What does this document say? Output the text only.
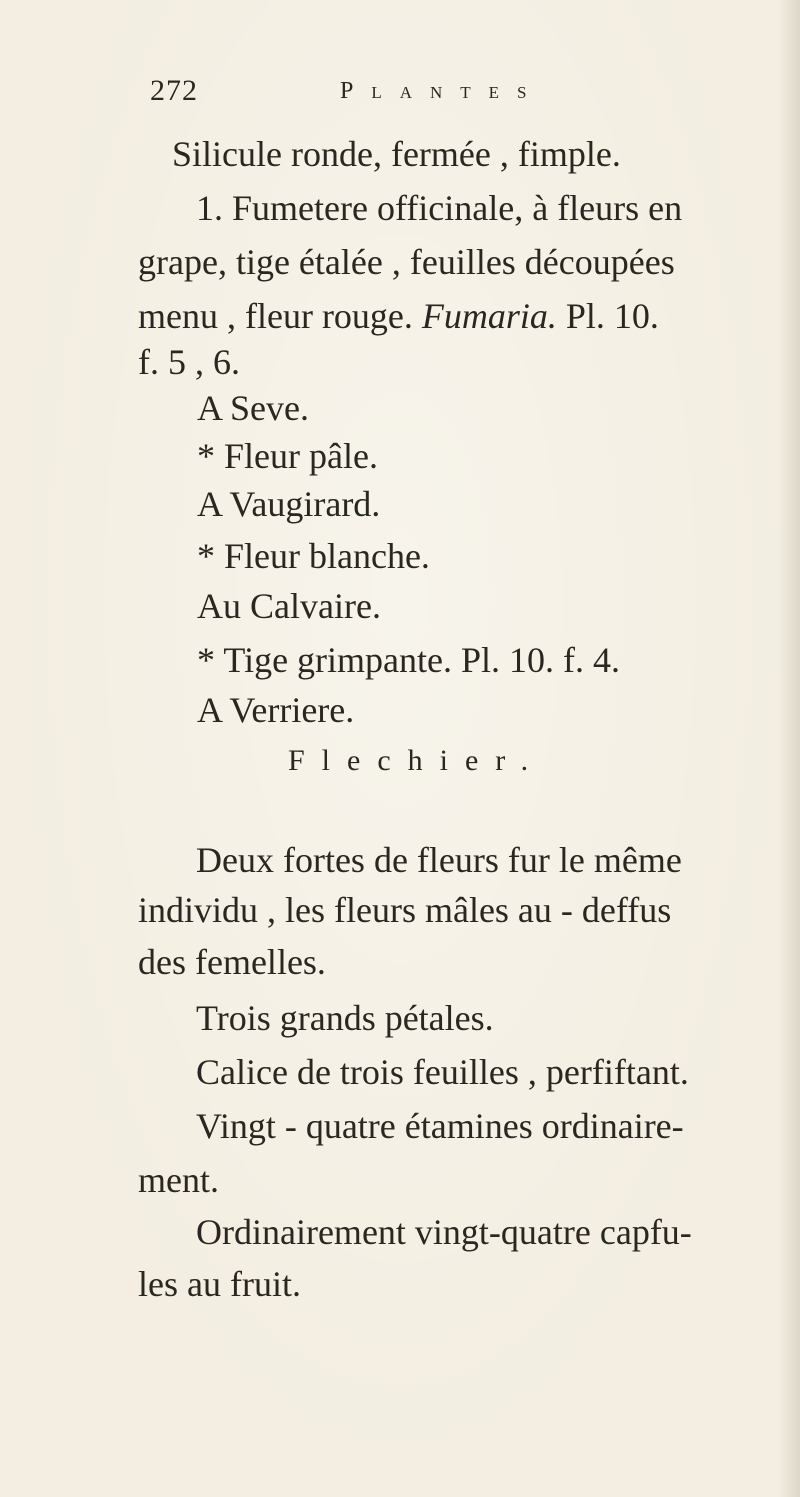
272	Plantes
Silicule ronde, fermée , fimple.
1. Fumetere officinale, à fleurs en
grape, tige étalée , feuilles découpées
menu , fleur rouge. Fumaria. Pl. 10.
f. 5 , 6.
A Seve.
* Fleur pâle.
A Vaugirard.
* Fleur blanche.
Au Calvaire.
* Tige grimpante. Pl. 10. f. 4.
A Verriere.
Flechier.
Deux fortes de fleurs fur le même
individu , les fleurs mâles au - deffus
des femelles.
Trois grands pétales.
Calice de trois feuilles , perfiftant.
Vingt - quatre étamines ordinaire-
ment.
Ordinairement vingt-quatre capfu-
les au fruit.
